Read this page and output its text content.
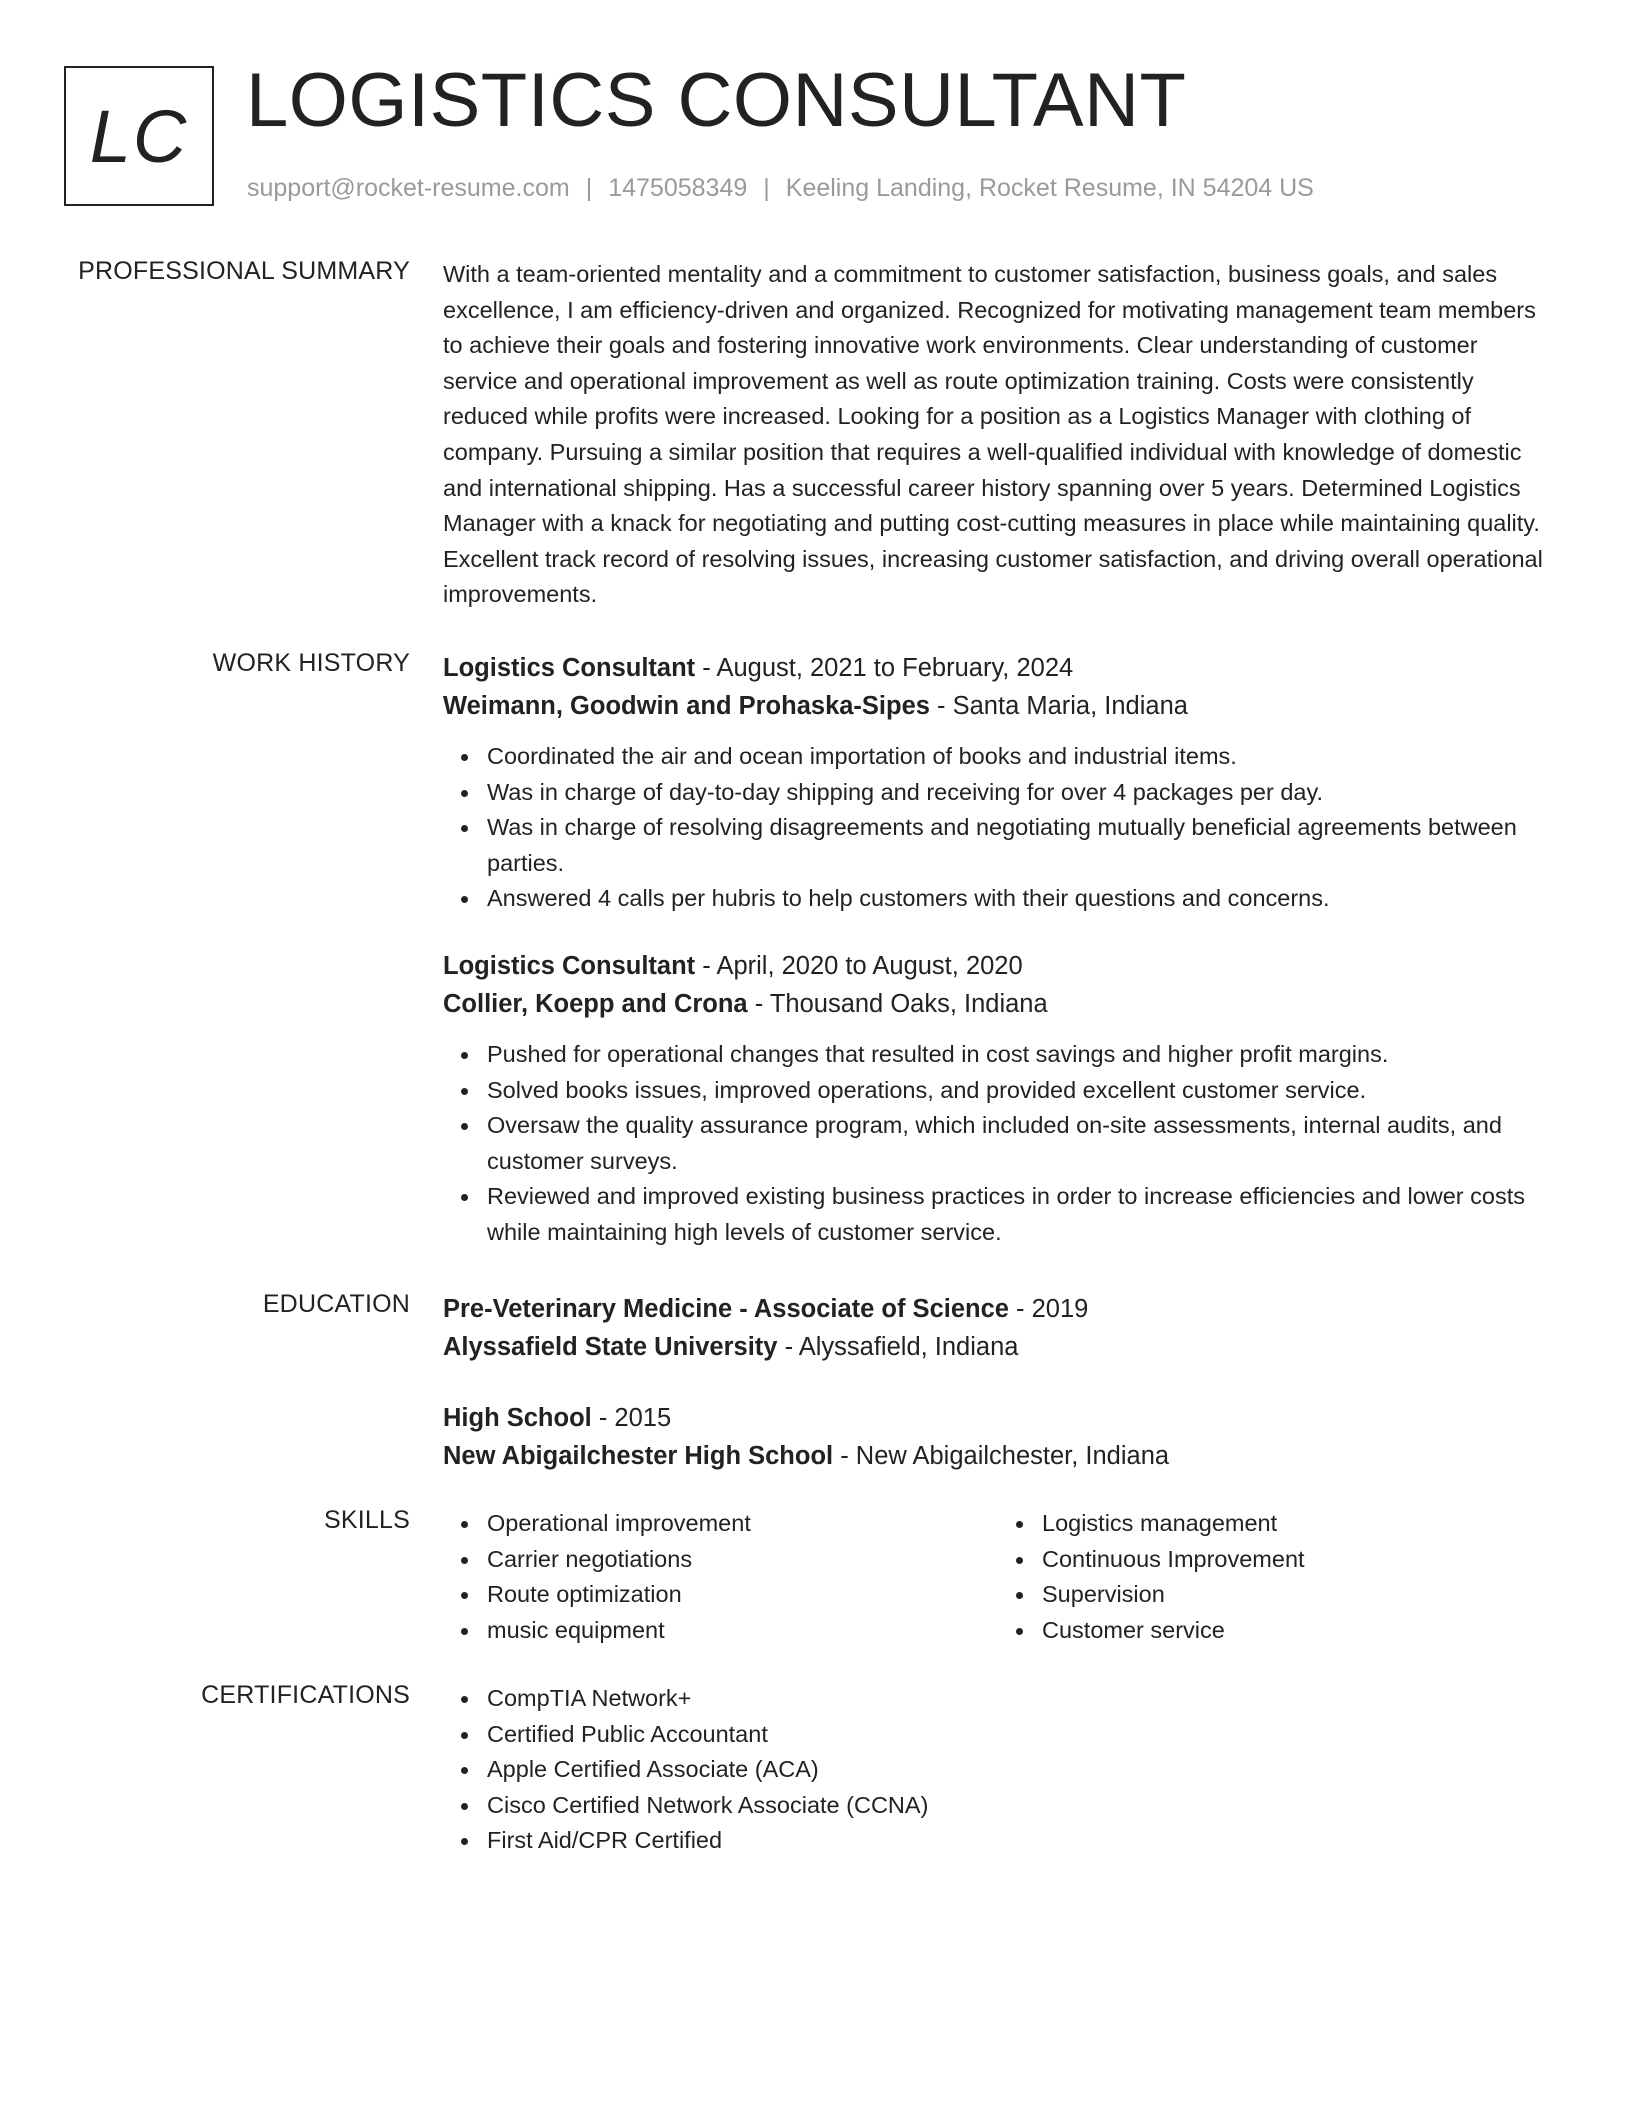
LC LOGISTICS CONSULTANT
support@rocket-resume.com | 1475058349 | Keeling Landing, Rocket Resume, IN 54204 US
PROFESSIONAL SUMMARY With a team-oriented mentality and a commitment to customer satisfaction, business goals, and sales excellence, I am efficiency-driven and organized. Recognized for motivating management team members to achieve their goals and fostering innovative work environments. Clear understanding of customer service and operational improvement as well as route optimization training. Costs were consistently reduced while profits were increased. Looking for a position as a Logistics Manager with clothing of company. Pursuing a similar position that requires a well-qualified individual with knowledge of domestic and international shipping. Has a successful career history spanning over 5 years. Determined Logistics Manager with a knack for negotiating and putting cost-cutting measures in place while maintaining quality. Excellent track record of resolving issues, increasing customer satisfaction, and driving overall operational improvements.

WORK HISTORY Logistics Consultant - August, 2021 to February, 2024
Weimann, Goodwin and Prohaska-Sipes - Santa Maria, Indiana
Coordinated the air and ocean importation of books and industrial items.
Was in charge of day-to-day shipping and receiving for over 4 packages per day.
Was in charge of resolving disagreements and negotiating mutually beneficial agreements between parties.
Answered 4 calls per hubris to help customers with their questions and concerns.
Logistics Consultant - April, 2020 to August, 2020
Collier, Koepp and Crona - Thousand Oaks, Indiana
Pushed for operational changes that resulted in cost savings and higher profit margins.
Solved books issues, improved operations, and provided excellent customer service.
Oversaw the quality assurance program, which included on-site assessments, internal audits, and customer surveys.
Reviewed and improved existing business practices in order to increase efficiencies and lower costs while maintaining high levels of customer service.
EDUCATION Pre-Veterinary Medicine - Associate of Science - 2019
Alyssafield State University - Alyssafield, Indiana
High School - 2015
New Abigailchester High School - New Abigailchester, Indiana
SKILLS	Operational improvement
Carrier negotiations
Route optimization
music equipment
Logistics management
Continuous Improvement
Supervision
Customer service
CERTIFICATIONS	CompTIA Network+
Certified Public Accountant
Apple Certified Associate (ACA)
Cisco Certified Network Associate (CCNA)
First Aid/CPR Certified
